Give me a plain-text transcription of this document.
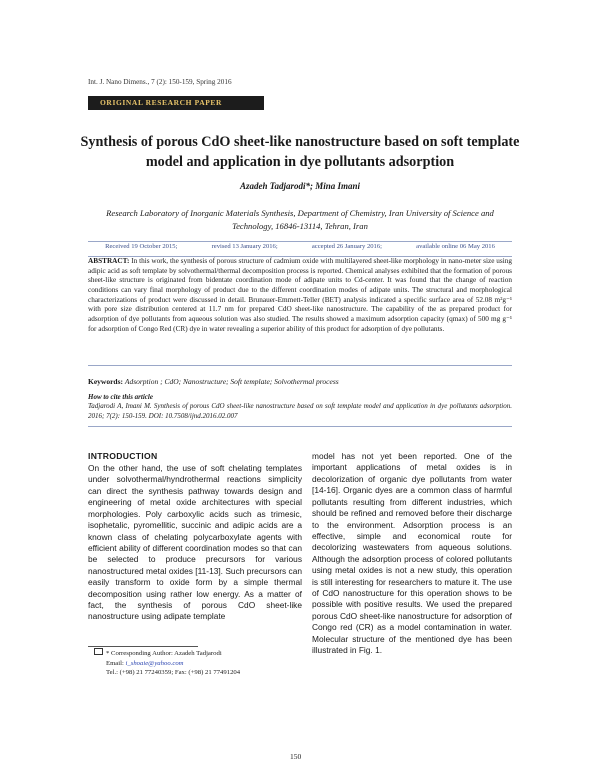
Int. J. Nano Dimens., 7 (2): 150-159, Spring 2016
ORIGINAL RESEARCH PAPER
Synthesis of porous CdO sheet-like nanostructure based on soft template model and application in dye pollutants adsorption
Azadeh Tadjarodi*; Mina Imani
Research Laboratory of Inorganic Materials Synthesis, Department of Chemistry, Iran University of Science and Technology, 16846-13114, Tehran, Iran
Received 19 October 2015;	revised 13 January 2016;	accepted 26 January 2016;	available online 06 May 2016
ABSTRACT: In this work, the synthesis of porous structure of cadmium oxide with multilayered sheet-like morphology in nano-meter size using adipic acid as soft template by solvothermal/thermal decomposition process is reported. Chemical analyses exhibited that the formation of porous sheet-like structure is originated from bidentate coordination mode of adipate units to Cd-center. It was found that the change of reaction conditions can vary final morphology of product due to the different coordination modes of adipate units. The structural and morphological characterizations of product were discussed in detail. Brunauer-Emmett-Teller (BET) analysis indicated a specific surface area of 52.08 m²g⁻¹ with pore size distribution centered at 11.7 nm for prepared CdO sheet-like nanostructure. The capability of the as prepared product for adsorption of dye pollutants from aqueous solution was also studied. The results showed a maximum adsorption capacity (qmax) of 500 mg g⁻¹ for adsorption of Congo Red (CR) dye in water revealing a superior ability of this product for adsorption of dye pollutants.
Keywords: Adsorption ; CdO; Nanostructure; Soft template; Solvothermal process
How to cite this article
Tadjarodi A, Imani M. Synthesis of porous CdO sheet-like nanostructure based on soft template model and application in dye pollutants adsorption. 2016; 7(2): 150-159. DOI: 10.7508/ijnd.2016.02.007
INTRODUCTION
On the other hand, the use of soft chelating templates under solvothermal/hyndrothermal reactions simplicity can direct the synthesis pathway towards design and engineering of metal oxide architectures with special morphologies. Poly carboxylic acids such as trimesic, isophetalic, pyromellitic, succinic and adipic acids are a known class of chelating polycarboxylate agents with efficient ability of different coordination modes so that can be selected to produce precursors for various nanostructured metal oxides [11-13]. Such precursors can easily transform to oxide form by a simple thermal decomposition using rather low energy. As a matter of fact, the synthesis of porous CdO sheet-like nanostructure using adipate template
model has not yet been reported. One of the important applications of metal oxides is in decolorization of organic dye pollutants from water [14-16]. Organic dyes are a common class of harmful pollutants resulting from different industries, which should be refined and removed before their discharge to the environment. Adsorption process is an effective, simple and economical route for decolorizing wastewaters from aqueous solutions. Although the adsorption process of colored pollutants using metal oxides is not a new study, this operation is still interesting for researchers to mature it. The use of CdO nanostructure for this operation shows to be possible with positive results. We used the prepared porous CdO sheet-like nanostructure for adsorption of Congo red (CR) as a model contamination in water. Molecular structure of the mentioned dye has been illustrated in Fig. 1.
* Corresponding Author: Azadeh Tadjarodi
Email: i_shoaie@yahoo.com
Tel.: (+98) 21 77240359; Fax: (+98) 21 77491204
150
